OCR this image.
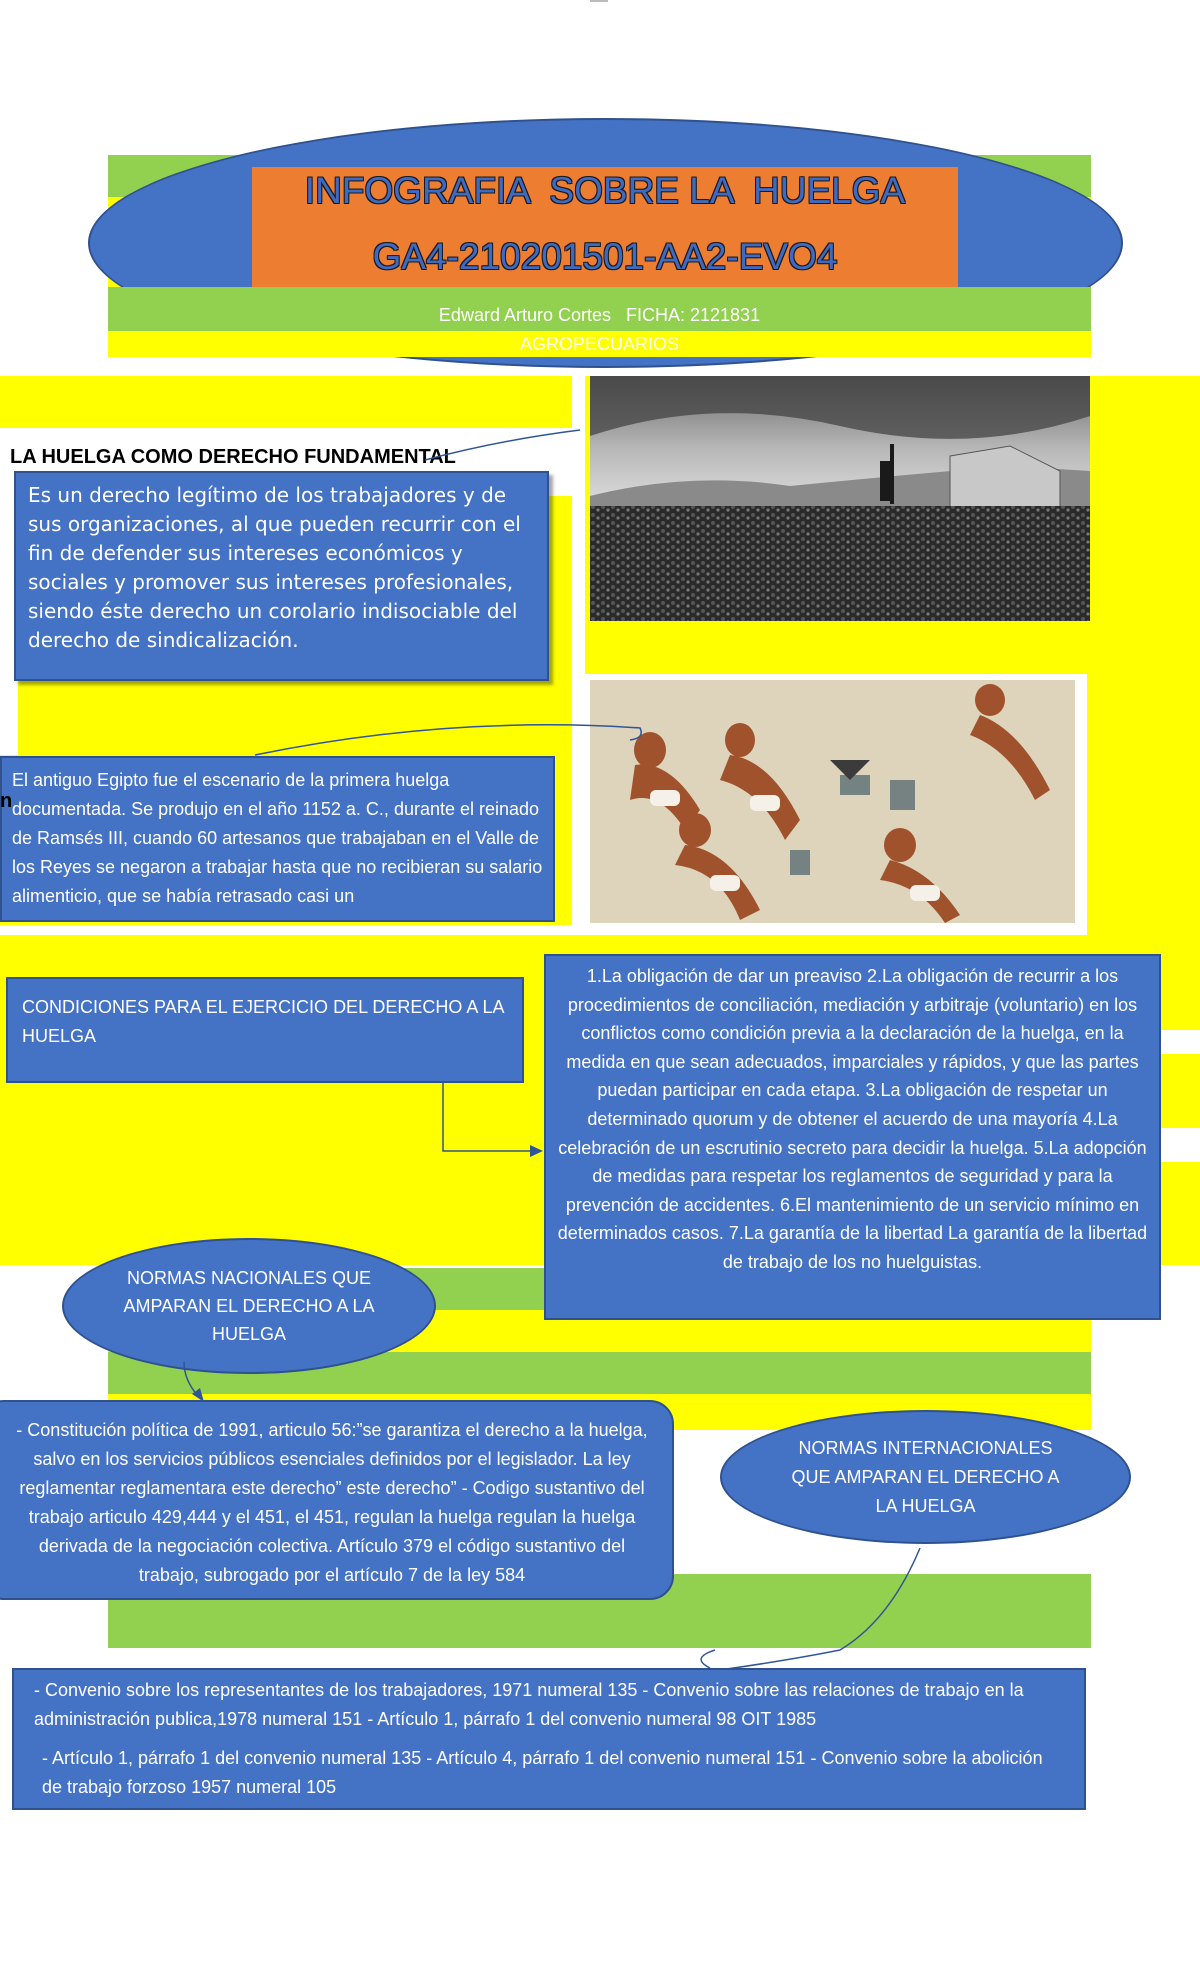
INFOGRAFIA  SOBRE LA  HUELGA
GA4-210201501-AA2-EVO4
Edward Arturo Cortes   FICHA: 2121831
AGROPECUARIOS
LA HUELGA COMO DERECHO FUNDAMENTAL
Es un derecho legítimo de los trabajadores y de sus organizaciones, al que pueden recurrir con el fin de defender sus intereses económicos y sociales y promover sus intereses profesionales, siendo éste derecho un corolario indisociable del derecho de sindicalización.
El antiguo Egipto fue el escenario de la primera huelga documentada. Se produjo en el año 1152 a. C., durante el reinado de Ramsés III, cuando 60 artesanos que trabajaban en el Valle de los Reyes se negaron a trabajar hasta que no recibieran su salario alimenticio, que se había retrasado casi un
n
CONDICIONES PARA EL EJERCICIO DEL DERECHO A LA HUELGA
1.La obligación de dar un preaviso 2.La obligación de recurrir a los procedimientos de conciliación, mediación y arbitraje (voluntario) en los conflictos como condición previa a la declaración de la huelga, en la medida en que sean adecuados, imparciales y rápidos, y que las partes puedan participar en cada etapa. 3.La obligación de respetar un determinado quorum y de obtener el acuerdo de una mayoría 4.La celebración de un escrutinio secreto para decidir la huelga. 5.La adopción de medidas para respetar los reglamentos de seguridad y para la prevención de accidentes. 6.El mantenimiento de un servicio mínimo en determinados casos. 7.La garantía de la libertad La garantía de la libertad de trabajo de los no huelguistas.
NORMAS NACIONALES QUE AMPARAN EL DERECHO A LA HUELGA
- Constitución política de 1991, articulo 56:”se garantiza el derecho a la huelga, salvo en los servicios públicos esenciales definidos por el legislador. La ley reglamentar reglamentara este derecho” este derecho” - Codigo sustantivo del trabajo articulo 429,444 y el 451, el 451, regulan la huelga regulan la huelga derivada de la negociación colectiva. Artículo 379 el código sustantivo del trabajo, subrogado por el artículo 7 de la ley 584
NORMAS INTERNACIONALES QUE AMPARAN EL DERECHO A LA HUELGA
- Convenio sobre los representantes de los trabajadores, 1971 numeral 135 - Convenio sobre las relaciones de trabajo en la administración publica,1978 numeral 151 - Artículo 1, párrafo 1 del convenio numeral 98 OIT 1985
- Artículo 1, párrafo 1 del convenio numeral 135 - Artículo 4, párrafo 1 del convenio numeral 151 - Convenio sobre la abolición de trabajo forzoso 1957 numeral 105
